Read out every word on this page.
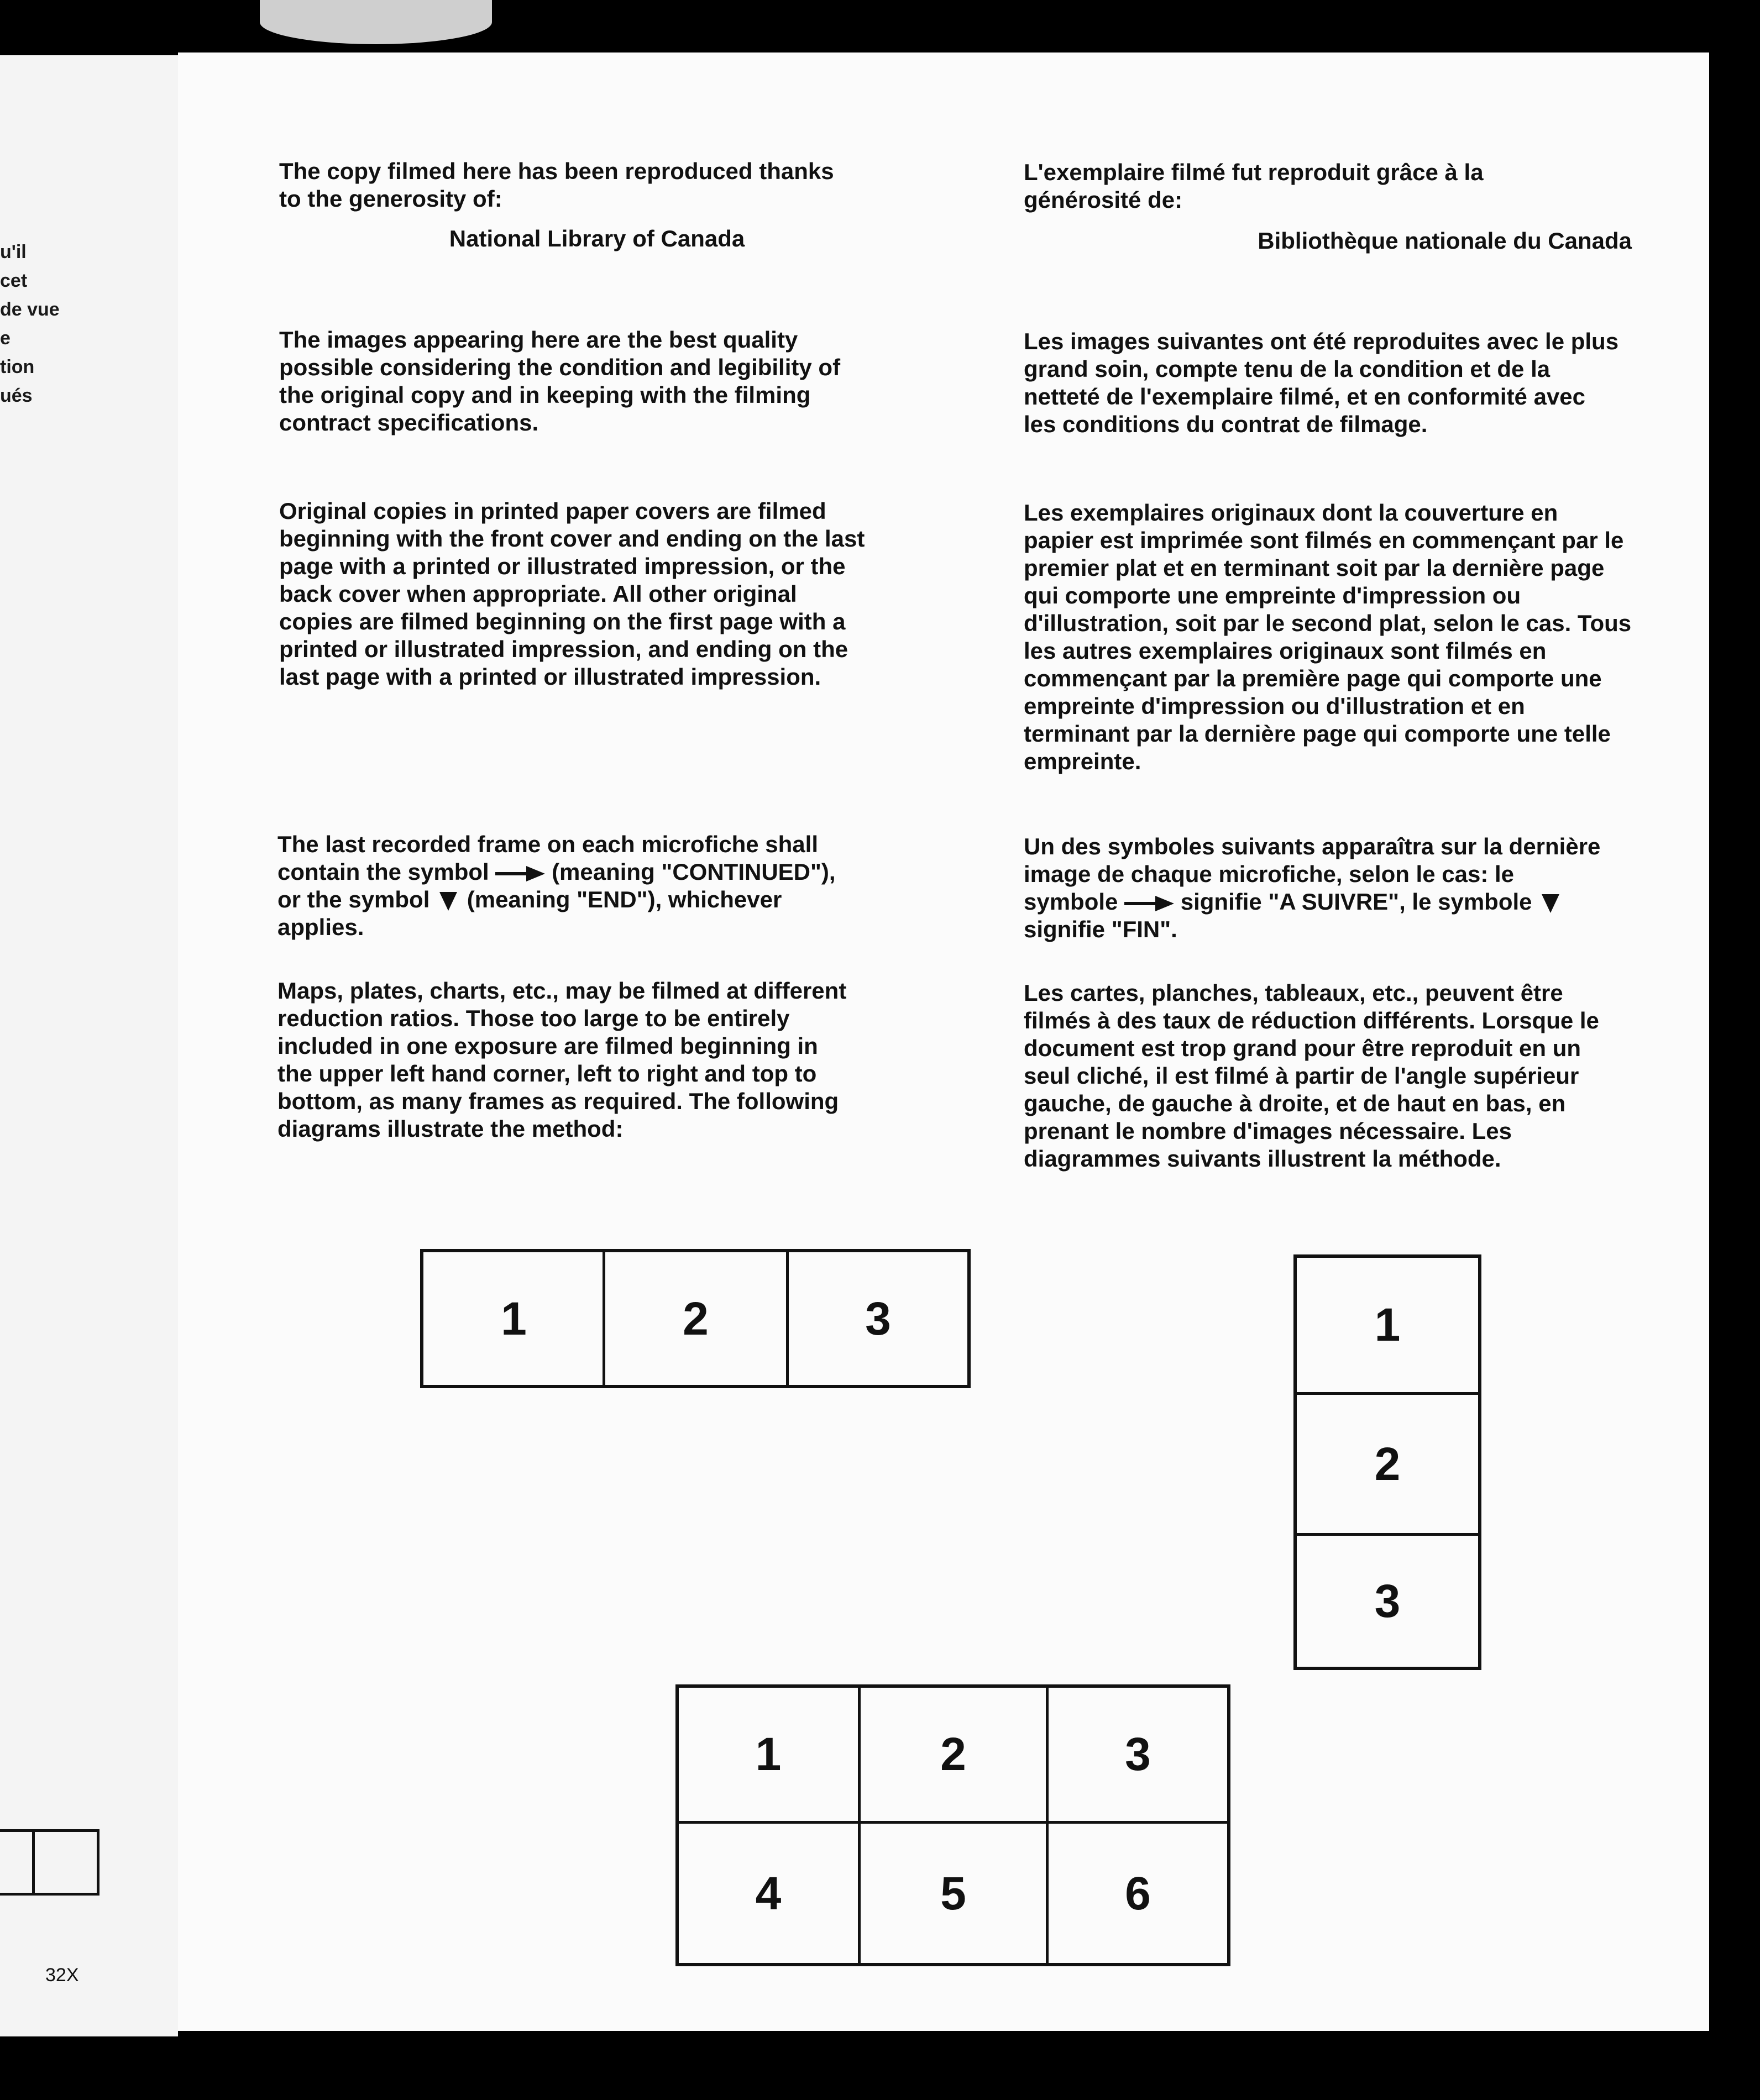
u'il
cet
de vue
e
tion
ués
32X

The copy filmed here has been reproduced thanks

to the generosity of:

National Library of Canada

The images appearing here are the best quality possible considering the condition and legibility of the original copy and in keeping with the filming contract specifications.
Original copies in printed paper covers are filmed beginning with the front cover and ending on the last page with a printed or illustrated impression, or the back cover when appropriate. All other original copies are filmed beginning on the first page with a printed or illustrated impression, and ending on the last page with a printed or illustrated impression.
The last recorded frame on each microfiche shall contain the symbol	(meaning "CONTINUED"), or the symbol (meaning "END"), whichever applies.
Maps, plates, charts, etc., may be filmed at different reduction ratios. Those too large to be entirely included in one exposure are filmed beginning in the upper left hand corner, left to right and top to bottom, as many frames as required. The following diagrams illustrate the method:

L'exemplaire filmé fut reproduit grâce à la

générosité de:

Bibliothèque nationale du Canada

Les images suivantes ont été reproduites avec le plus grand soin, compte tenu de la condition et de la netteté de l'exemplaire filmé, et en conformité avec les conditions du contrat de filmage.
Les exemplaires originaux dont la couverture en papier est imprimée sont filmés en commençant par le premier plat et en terminant soit par la dernière page qui comporte une empreinte d'impression ou d'illustration, soit par le second plat, selon le cas. Tous les autres exemplaires originaux sont filmés en commençant par la première page qui comporte une empreinte d'impression ou d'illustration et en terminant par la dernière page qui comporte une telle empreinte.
Un des symboles suivants apparaîtra sur la dernière image de chaque microfiche, selon le cas: le symbole	signifie "A SUIVRE", le symbole  signifie "FIN".
Les cartes, planches, tableaux, etc., peuvent être filmés à des taux de réduction différents. Lorsque le document est trop grand pour être reproduit en un seul cliché, il est filmé à partir de l'angle supérieur gauche, de gauche à droite, et de haut en bas, en prenant le nombre d'images nécessaire. Les diagrammes suivants illustrent la méthode.
1	2	3	1
2
3
1	2	3
4	5	6
